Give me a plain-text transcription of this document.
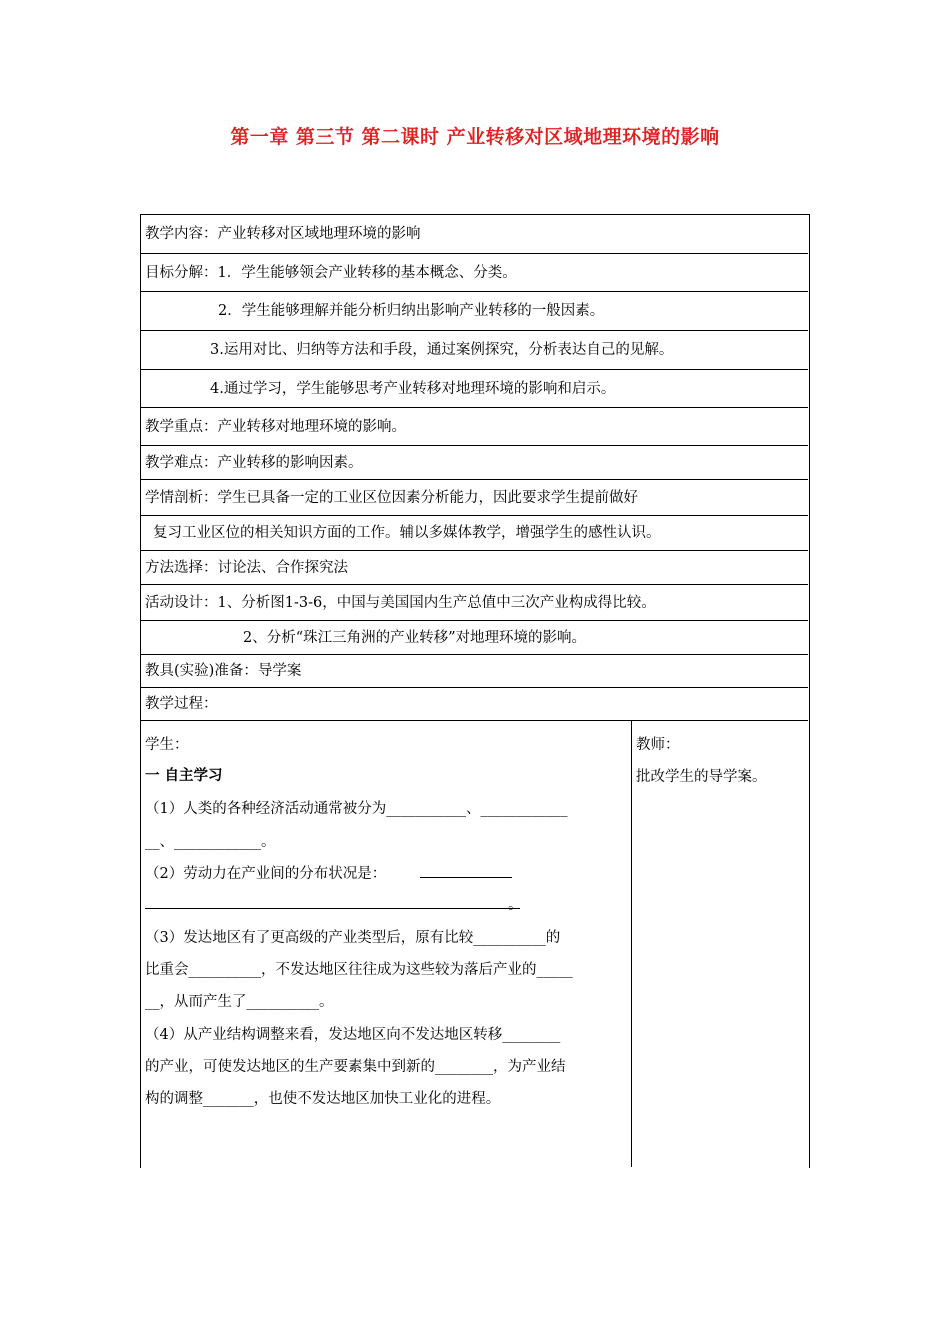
第一章 第三节 第二课时 产业转移对区域地理环境的影响
教学内容：产业转移对区域地理环境的影响
目标分解：1．学生能够领会产业转移的基本概念、分类。
2．学生能够理解并能分析归纳出影响产业转移的一般因素。
3.运用对比、归纳等方法和手段，通过案例探究，分析表达自己的见解。
4.通过学习，学生能够思考产业转移对地理环境的影响和启示。
教学重点：产业转移对地理环境的影响。
教学难点：产业转移的影响因素。
学情剖析：学生已具备一定的工业区位因素分析能力，因此要求学生提前做好
复习工业区位的相关知识方面的工作。辅以多媒体教学，增强学生的感性认识。
方法选择：讨论法、合作探究法
活动设计：1、分析图1-3-6，中国与美国国内生产总值中三次产业构成得比较。
2、分析“珠江三角洲的产业转移”对地理环境的影响。
教具(实验)准备：导学案
教学过程：
学生：
一 自主学习
（1）人类的各种经济活动通常被分为___________、____________
__、____________。
（2）劳动力在产业间的分布状况是：
。
（3）发达地区有了更高级的产业类型后，原有比较__________的
比重会__________，不发达地区往往成为这些较为落后产业的_____
__，从而产生了__________。
（4）从产业结构调整来看，发达地区向不发达地区转移________
的产业，可使发达地区的生产要素集中到新的________，为产业结
构的调整_______，也使不发达地区加快工业化的进程。
教师：
批改学生的导学案。
